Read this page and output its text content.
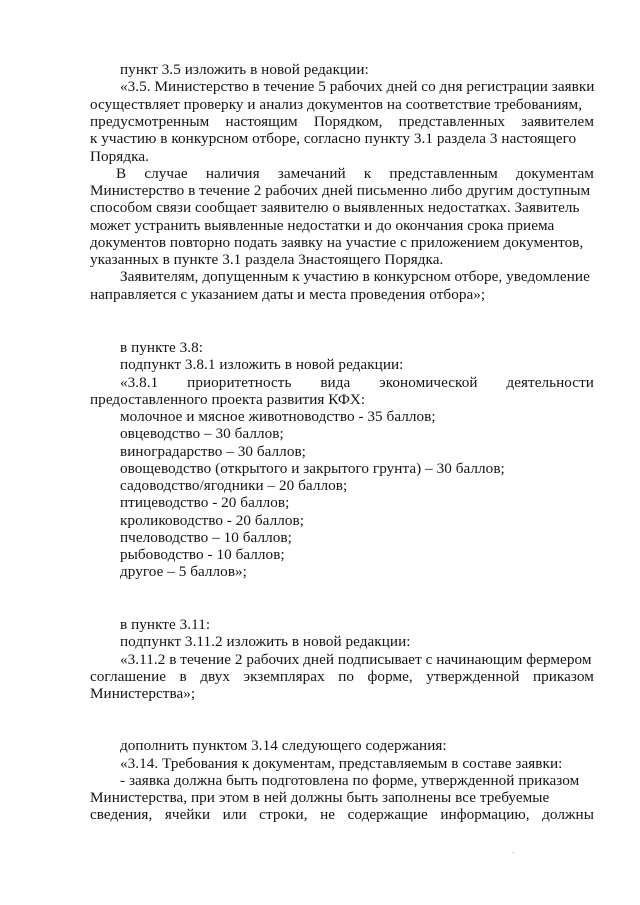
пункт 3.5 изложить в новой редакции:
«3.5. Министерство в течение 5 рабочих дней со дня регистрации заявки
осуществляет проверку и анализ документов на соответствие требованиям,
предусмотренным настоящим Порядком, представленных заявителем
к участию в конкурсном отборе, согласно пункту 3.1 раздела 3 настоящего
Порядка.
В случае наличия замечаний к представленным документам
Министерство в течение 2 рабочих дней письменно либо другим доступным
способом связи сообщает заявителю о выявленных недостатках. Заявитель
может устранить выявленные недостатки и до окончания срока приема
документов повторно подать заявку на участие с приложением документов,
указанных в пункте 3.1 раздела 3настоящего Порядка.
Заявителям, допущенным к участию в конкурсном отборе, уведомление
направляется с указанием даты и места проведения отбора»;
в пункте 3.8:
подпункт 3.8.1 изложить в новой редакции:
«3.8.1 приоритетность вида экономической деятельности
предоставленного проекта развития КФХ:
молочное и мясное животноводство - 35 баллов;
овцеводство – 30 баллов;
виноградарство – 30 баллов;
овощеводство (открытого и закрытого грунта) – 30 баллов;
садоводство/ягодники – 20 баллов;
птицеводство - 20 баллов;
кролиководство - 20 баллов;
пчеловодство – 10 баллов;
рыбоводство - 10 баллов;
другое – 5 баллов»;
в пункте 3.11:
подпункт 3.11.2 изложить в новой редакции:
«3.11.2 в течение 2 рабочих дней подписывает с начинающим фермером
соглашение в двух экземплярах по форме, утвержденной приказом
Министерства»;
дополнить пунктом 3.14 следующего содержания:
«3.14. Требования к документам, представляемым в составе заявки:
- заявка должна быть подготовлена по форме, утвержденной приказом
Министерства, при этом в ней должны быть заполнены все требуемые
сведения, ячейки или строки, не содержащие информацию, должны
